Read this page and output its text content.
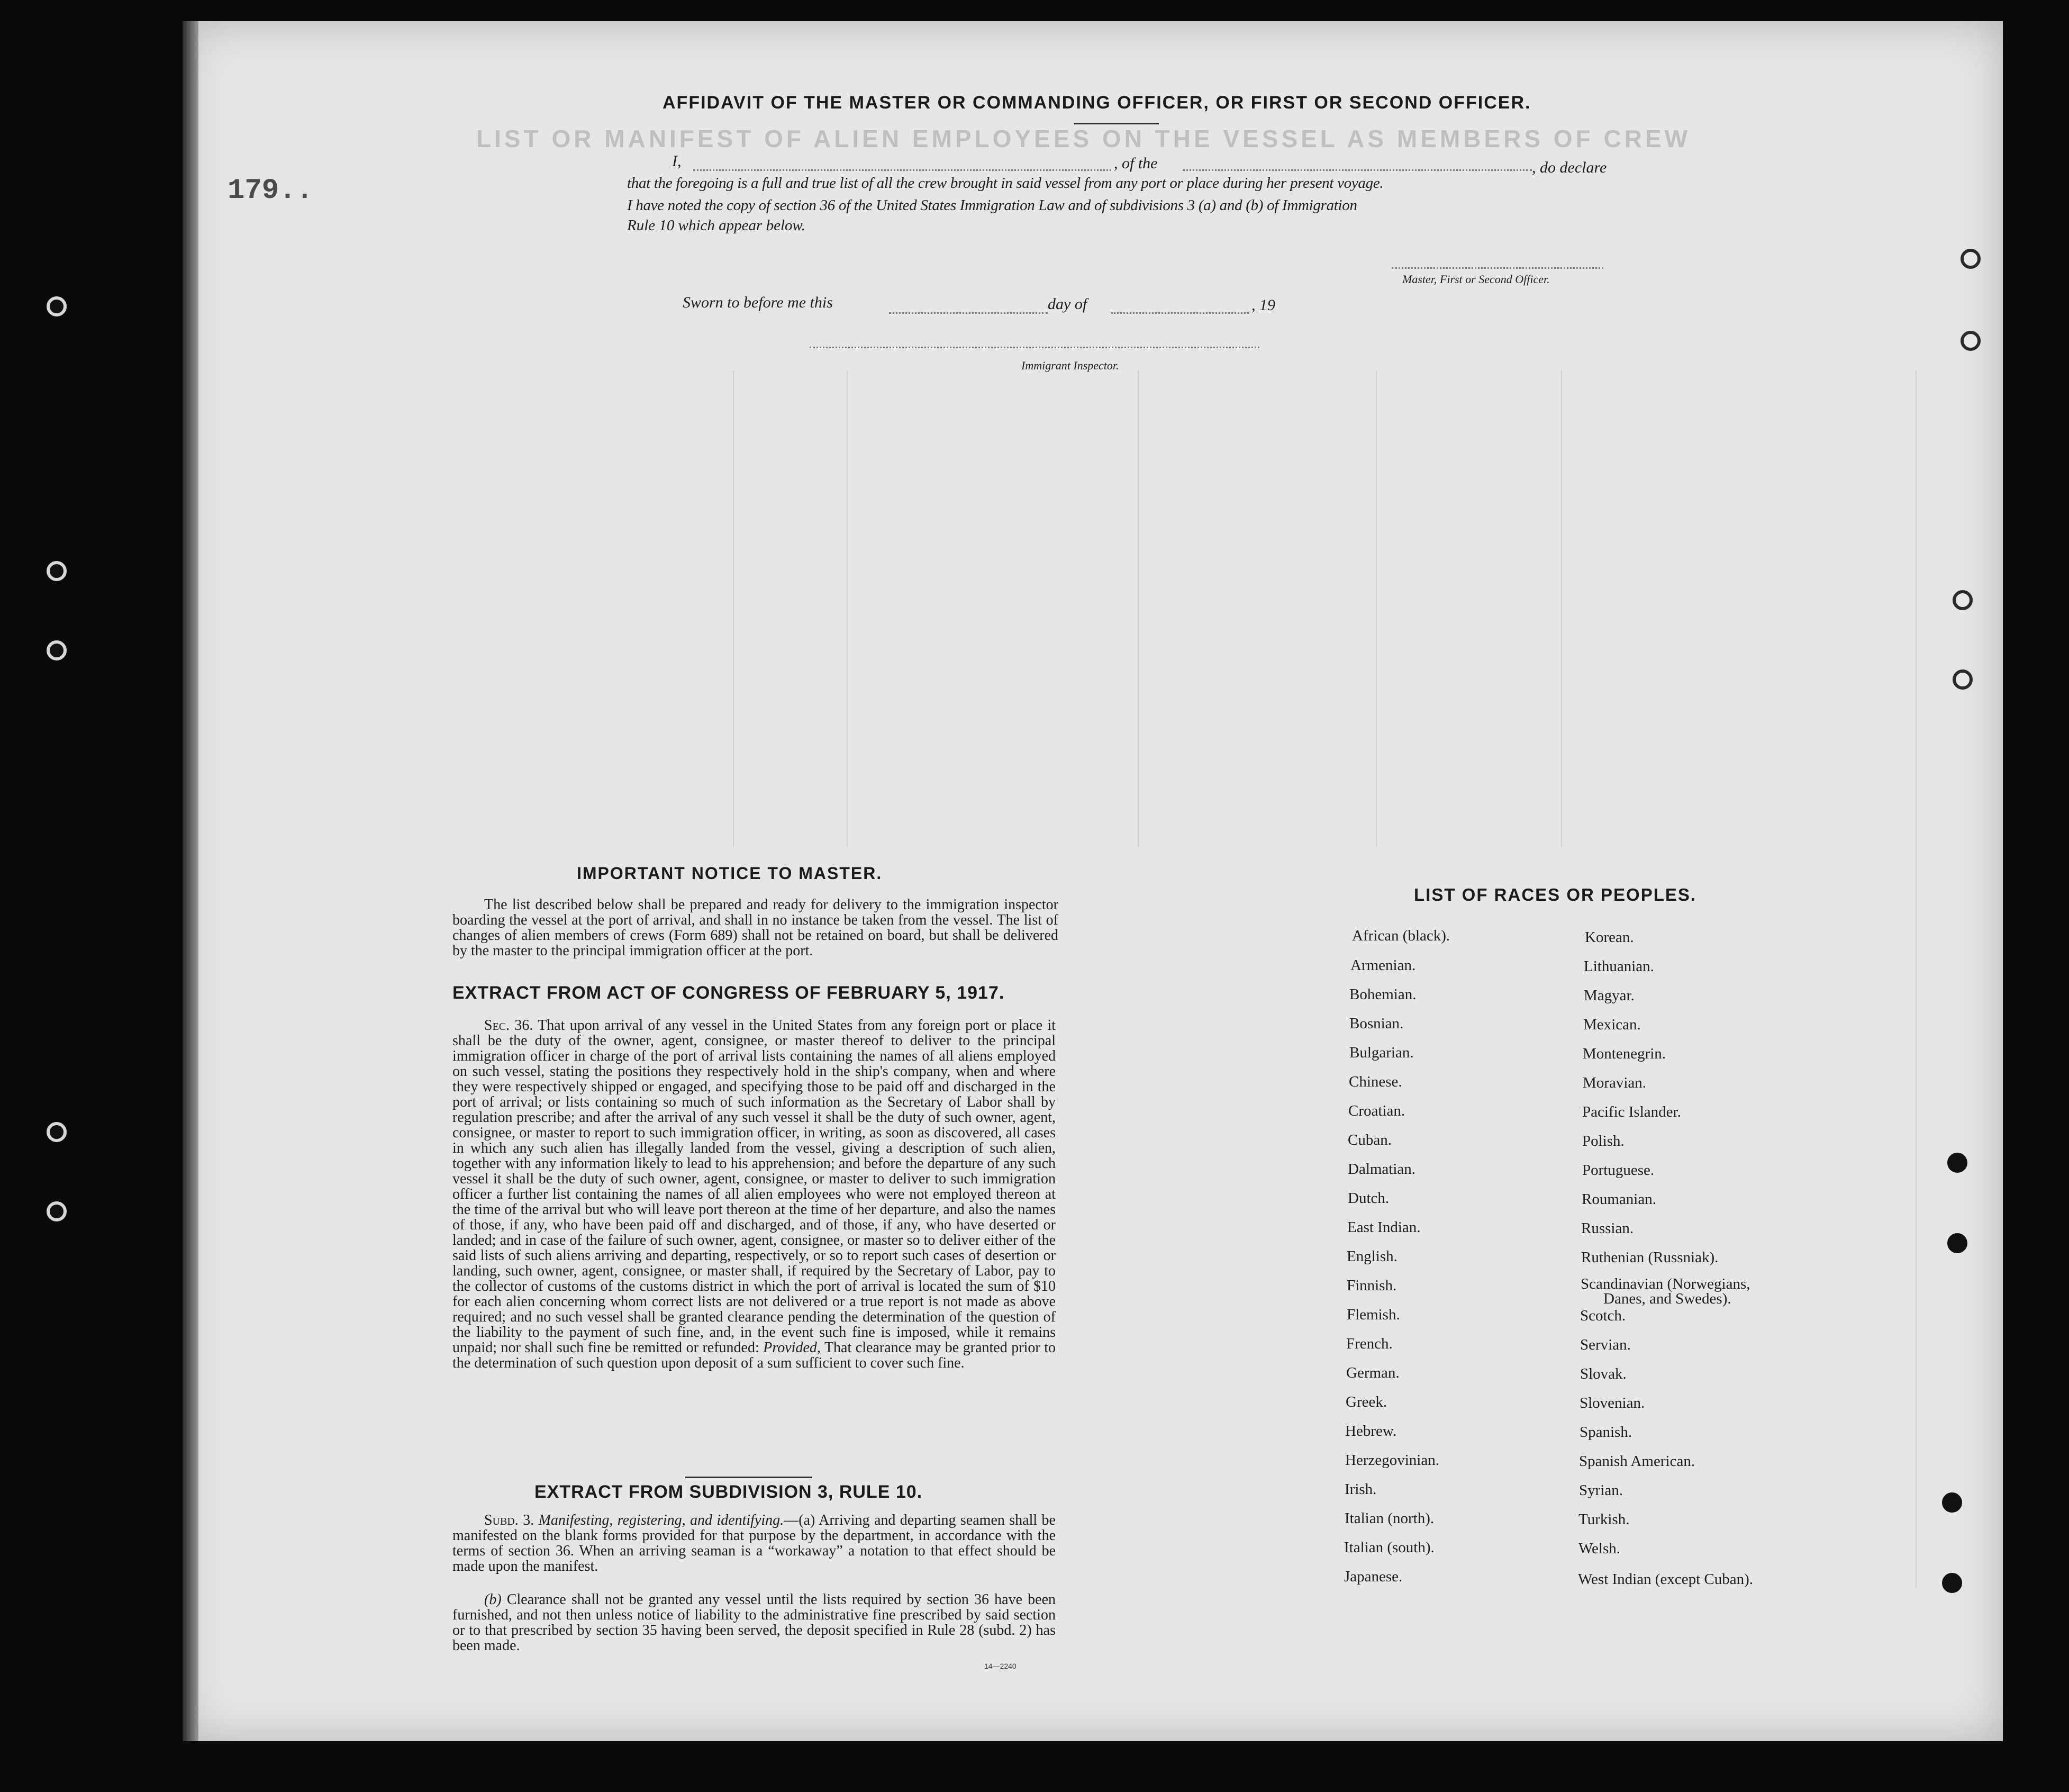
LIST OR MANIFEST OF ALIEN EMPLOYEES ON THE VESSEL AS MEMBERS OF CREW
179..
AFFIDAVIT OF THE MASTER OR COMMANDING OFFICER, OR FIRST OR SECOND OFFICER.
I,	, of the	, do declare
that the foregoing is a full and true list of all the crew brought in said vessel from any port or place during her present voyage.
I have noted the copy of section 36 of the United States Immigration Law and of subdivisions 3 (a) and (b) of Immigration
Rule 10 which appear below.
Master, First or Second Officer.
Sworn to before me this	day of	, 19
Immigrant Inspector.
IMPORTANT NOTICE TO MASTER.
The list described below shall be prepared and ready for delivery to the immigration inspector boarding the vessel at the port of arrival, and shall in no instance be taken from the vessel. The list of changes of alien members of crews (Form 689) shall not be retained on board, but shall be delivered by the master to the principal immigration officer at the port.
EXTRACT FROM ACT OF CONGRESS OF FEBRUARY 5, 1917.
Sec. 36. That upon arrival of any vessel in the United States from any foreign port or place it shall be the duty of the owner, agent, consignee, or master thereof to deliver to the principal immigration officer in charge of the port of arrival lists containing the names of all aliens employed on such vessel, stating the positions they respectively hold in the ship's company, when and where they were respectively shipped or engaged, and specifying those to be paid off and discharged in the port of arrival; or lists containing so much of such information as the Secretary of Labor shall by regulation prescribe; and after the arrival of any such vessel it shall be the duty of such owner, agent, consignee, or master to report to such immigration officer, in writing, as soon as discovered, all cases in which any such alien has illegally landed from the vessel, giving a description of such alien, together with any information likely to lead to his apprehension; and before the departure of any such vessel it shall be the duty of such owner, agent, consignee, or master to deliver to such immigration officer a further list containing the names of all alien employees who were not employed thereon at the time of the arrival but who will leave port thereon at the time of her departure, and also the names of those, if any, who have been paid off and discharged, and of those, if any, who have deserted or landed; and in case of the failure of such owner, agent, consignee, or master so to deliver either of the said lists of such aliens arriving and departing, respectively, or so to report such cases of desertion or landing, such owner, agent, consignee, or master shall, if required by the Secretary of Labor, pay to the collector of customs of the customs district in which the port of arrival is located the sum of $10 for each alien concerning whom correct lists are not delivered or a true report is not made as above required; and no such vessel shall be granted clearance pending the determination of the question of the liability to the payment of such fine, and, in the event such fine is imposed, while it remains unpaid; nor shall such fine be remitted or refunded: Provided, That clearance may be granted prior to the determination of such question upon deposit of a sum sufficient to cover such fine.
EXTRACT FROM SUBDIVISION 3, RULE 10.
Subd. 3. Manifesting, registering, and identifying.—(a) Arriving and departing seamen shall be manifested on the blank forms provided for that purpose by the department, in accordance with the terms of section 36. When an arriving seaman is a “workaway” a notation to that effect should be made upon the manifest.
(b) Clearance shall not be granted any vessel until the lists required by section 36 have been furnished, and not then unless notice of liability to the administrative fine prescribed by said section or to that prescribed by section 35 having been served, the deposit specified in Rule 28 (subd. 2) has been made.
14—2240
LIST OF RACES OR PEOPLES.
African (black).
Armenian.
Bohemian.
Bosnian.
Bulgarian.
Chinese.
Croatian.
Cuban.
Dalmatian.
Dutch.
East Indian.
English.
Finnish.
Flemish.
French.
German.
Greek.
Hebrew.
Herzegovinian.
Irish.
Italian (north).
Italian (south).
Japanese.
Korean.
Lithuanian.
Magyar.
Mexican.
Montenegrin.
Moravian.
Pacific Islander.
Polish.
Portuguese.
Roumanian.
Russian.
Ruthenian (Russniak).
Scandinavian (Norwegians,
Danes, and Swedes).
Scotch.
Servian.
Slovak.
Slovenian.
Spanish.
Spanish American.
Syrian.
Turkish.
Welsh.
West Indian (except Cuban).
